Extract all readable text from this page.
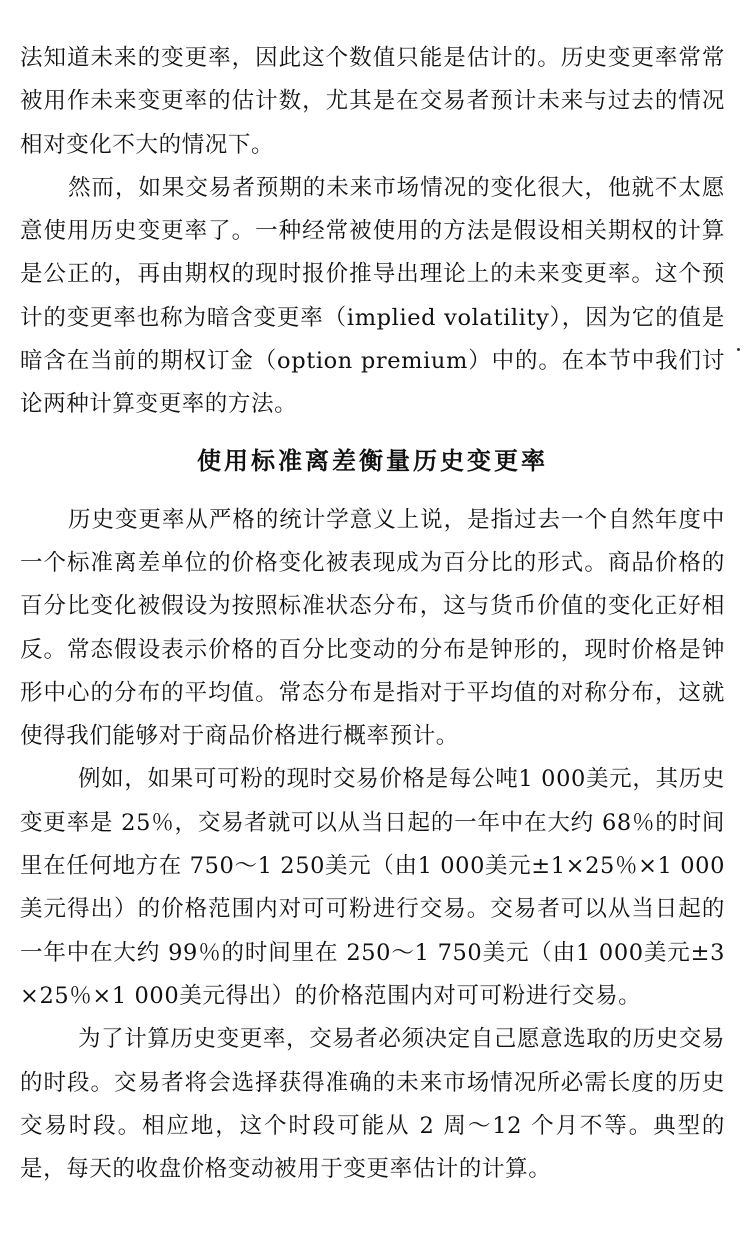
法知道未来的变更率，因此这个数值只能是估计的。历史变更率常常被用作未来变更率的估计数，尤其是在交易者预计未来与过去的情况相对变化不大的情况下。

然而，如果交易者预期的未来市场情况的变化很大，他就不太愿意使用历史变更率了。一种经常被使用的方法是假设相关期权的计算是公正的，再由期权的现时报价推导出理论上的未来变更率。这个预计的变更率也称为暗含变更率（implied volatility），因为它的值是暗含在当前的期权订金（option premium）中的。在本节中我们讨论两种计算变更率的方法。

使用标准离差衡量历史变更率

历史变更率从严格的统计学意义上说，是指过去一个自然年度中一个标准离差单位的价格变化被表现成为百分比的形式。商品价格的百分比变化被假设为按照标准状态分布，这与货币价值的变化正好相反。常态假设表示价格的百分比变动的分布是钟形的，现时价格是钟形中心的分布的平均值。常态分布是指对于平均值的对称分布，这就使得我们能够对于商品价格进行概率预计。

例如，如果可可粉的现时交易价格是每公吨1 000美元，其历史变更率是 25％，交易者就可以从当日起的一年中在大约 68％的时间里在任何地方在 750～1 250美元（由1 000美元±1×25％×1 000美元得出）的价格范围内对可可粉进行交易。交易者可以从当日起的一年中在大约 99％的时间里在 250～1 750美元（由1 000美元±3×25％×1 000美元得出）的价格范围内对可可粉进行交易。

为了计算历史变更率，交易者必须决定自己愿意选取的历史交易的时段。交易者将会选择获得准确的未来市场情况所必需长度的历史交易时段。相应地，这个时段可能从 2 周～12 个月不等。典型的是，每天的收盘价格变动被用于变更率估计的计算。
